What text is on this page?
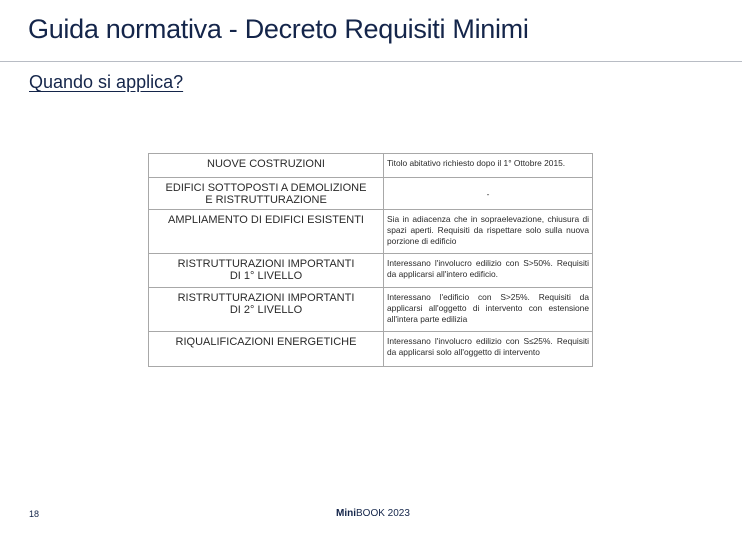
Guida normativa - Decreto Requisiti Minimi
Quando si applica?
NUOVE COSTRUZIONI	Titolo abitativo richiesto dopo il 1° Ottobre 2015.
EDIFICI SOTTOPOSTI A DEMOLIZIONE
E RISTRUTTURAZIONE	-
AMPLIAMENTO DI EDIFICI ESISTENTI	Sia in adiacenza che in sopraelevazione, chiusura di spazi aperti. Requisiti da rispettare solo sulla nuova porzione di edificio
RISTRUTTURAZIONI IMPORTANTI
DI 1° LIVELLO	Interessano l'involucro edilizio con S>50%. Requisiti da applicarsi all'intero edificio.
RISTRUTTURAZIONI IMPORTANTI
DI 2° LIVELLO	Interessano l'edificio con S>25%. Requisiti da applicarsi all'oggetto di intervento con estensione all'intera parte edilizia
RIQUALIFICAZIONI ENERGETICHE	Interessano l'involucro edilizio con S≤25%. Requisiti da applicarsi solo all'oggetto di intervento
18	MiniBOOK 2023
